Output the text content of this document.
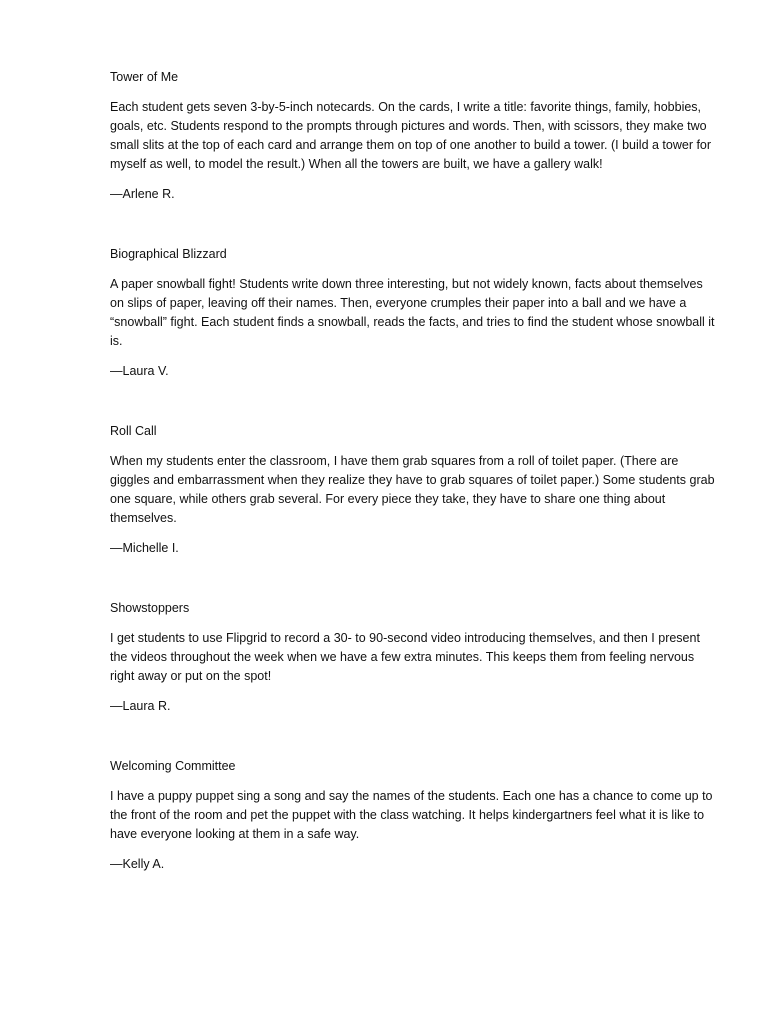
Tower of Me

Each student gets seven 3-by-5-inch notecards. On the cards, I write a title: favorite things, family, hobbies, goals, etc. Students respond to the prompts through pictures and words. Then, with scissors, they make two small slits at the top of each card and arrange them on top of one another to build a tower. (I build a tower for myself as well, to model the result.) When all the towers are built, we have a gallery walk!

—Arlene R.

Biographical Blizzard

A paper snowball fight! Students write down three interesting, but not widely known, facts about themselves on slips of paper, leaving off their names. Then, everyone crumples their paper into a ball and we have a “snowball” fight. Each student finds a snowball, reads the facts, and tries to find the student whose snowball it is.

—Laura V.

Roll Call

When my students enter the classroom, I have them grab squares from a roll of toilet paper. (There are giggles and embarrassment when they realize they have to grab squares of toilet paper.) Some students grab one square, while others grab several. For every piece they take, they have to share one thing about themselves.

—Michelle I.

Showstoppers

I get students to use Flipgrid to record a 30- to 90-second video introducing themselves, and then I present the videos throughout the week when we have a few extra minutes. This keeps them from feeling nervous right away or put on the spot!

—Laura R.

Welcoming Committee

I have a puppy puppet sing a song and say the names of the students. Each one has a chance to come up to the front of the room and pet the puppet with the class watching. It helps kindergartners feel what it is like to have everyone looking at them in a safe way.

—Kelly A.
